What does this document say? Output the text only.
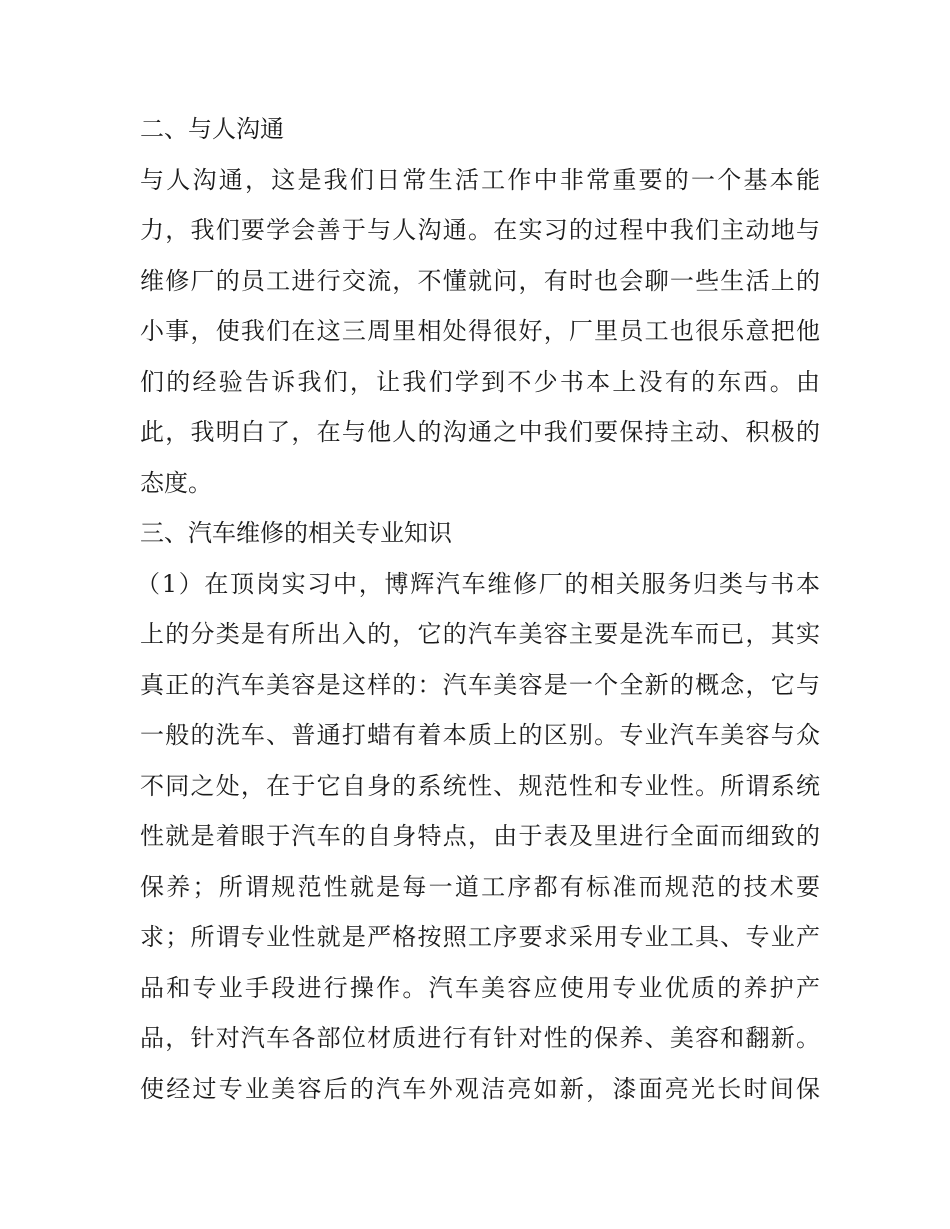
二、与人沟通
与人沟通，这是我们日常生活工作中非常重要的一个基本能
力，我们要学会善于与人沟通。在实习的过程中我们主动地与
维修厂的员工进行交流，不懂就问，有时也会聊一些生活上的
小事，使我们在这三周里相处得很好，厂里员工也很乐意把他
们的经验告诉我们，让我们学到不少书本上没有的东西。由
此，我明白了，在与他人的沟通之中我们要保持主动、积极的
态度。
三、汽车维修的相关专业知识
（1）在顶岗实习中，博辉汽车维修厂的相关服务归类与书本
上的分类是有所出入的，它的汽车美容主要是洗车而已，其实
真正的汽车美容是这样的：汽车美容是一个全新的概念，它与
一般的洗车、普通打蜡有着本质上的区别。专业汽车美容与众
不同之处，在于它自身的系统性、规范性和专业性。所谓系统
性就是着眼于汽车的自身特点，由于表及里进行全面而细致的
保养；所谓规范性就是每一道工序都有标准而规范的技术要
求；所谓专业性就是严格按照工序要求采用专业工具、专业产
品和专业手段进行操作。汽车美容应使用专业优质的养护产
品，针对汽车各部位材质进行有针对性的保养、美容和翻新。
使经过专业美容后的汽车外观洁亮如新，漆面亮光长时间保
